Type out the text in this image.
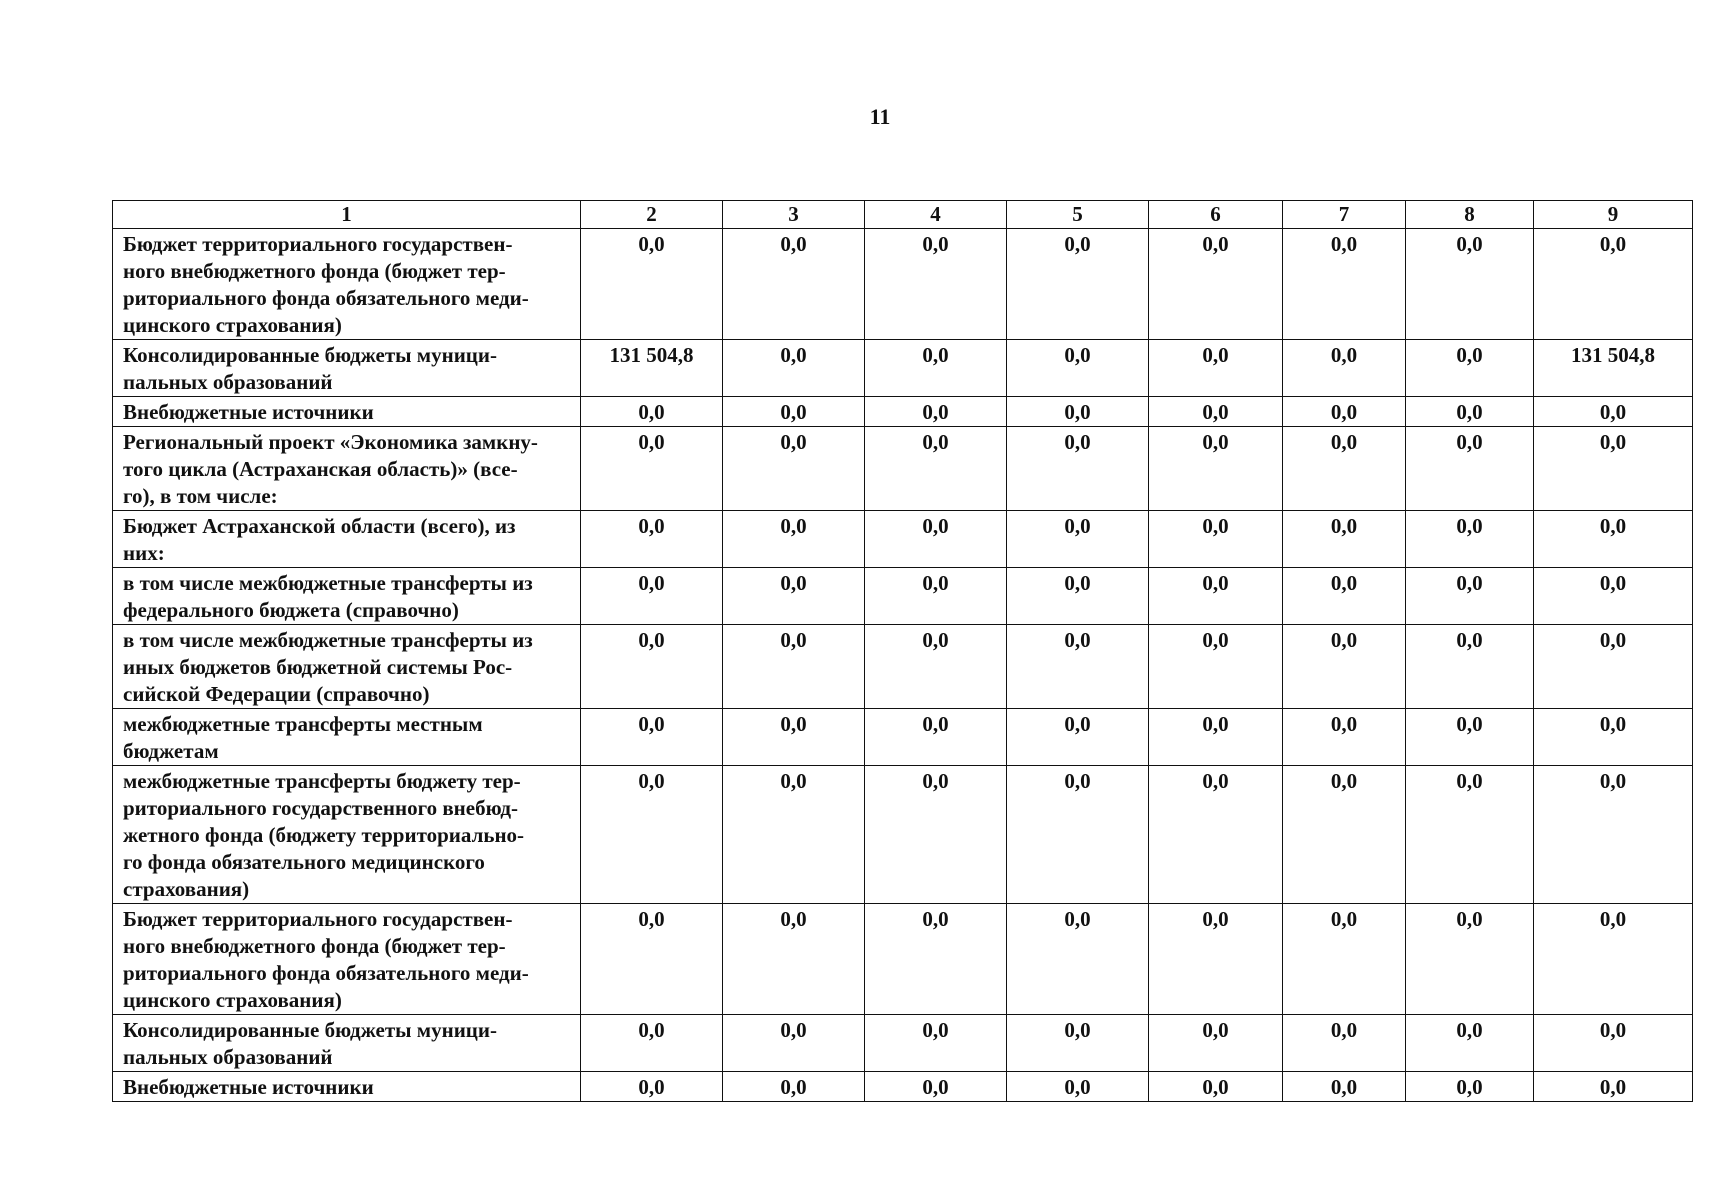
11
1	2	3	4	5	6	7	8	9
Бюджет территориального государствен-
ного внебюджетного фонда (бюджет тер-
риториального фонда обязательного меди-
цинского страхования)	0,0	0,0	0,0	0,0	0,0	0,0	0,0	0,0
Консолидированные бюджеты муници-
пальных образований	131 504,8	0,0	0,0	0,0	0,0	0,0	0,0	131 504,8
Внебюджетные источники	0,0	0,0	0,0	0,0	0,0	0,0	0,0	0,0
Региональный проект «Экономика замкну-
того цикла (Астраханская область)» (все-
го), в том числе:	0,0	0,0	0,0	0,0	0,0	0,0	0,0	0,0
Бюджет Астраханской области (всего), из
них:	0,0	0,0	0,0	0,0	0,0	0,0	0,0	0,0
в том числе межбюджетные трансферты из
федерального бюджета (справочно)	0,0	0,0	0,0	0,0	0,0	0,0	0,0	0,0
в том числе межбюджетные трансферты из
иных бюджетов бюджетной системы Рос-
сийской Федерации (справочно)	0,0	0,0	0,0	0,0	0,0	0,0	0,0	0,0
межбюджетные трансферты местным
бюджетам	0,0	0,0	0,0	0,0	0,0	0,0	0,0	0,0
межбюджетные трансферты бюджету тер-
риториального государственного внебюд-
жетного фонда (бюджету территориально-
го фонда обязательного медицинского
страхования)	0,0	0,0	0,0	0,0	0,0	0,0	0,0	0,0
Бюджет территориального государствен-
ного внебюджетного фонда (бюджет тер-
риториального фонда обязательного меди-
цинского страхования)	0,0	0,0	0,0	0,0	0,0	0,0	0,0	0,0
Консолидированные бюджеты муници-
пальных образований	0,0	0,0	0,0	0,0	0,0	0,0	0,0	0,0
Внебюджетные источники	0,0	0,0	0,0	0,0	0,0	0,0	0,0	0,0
